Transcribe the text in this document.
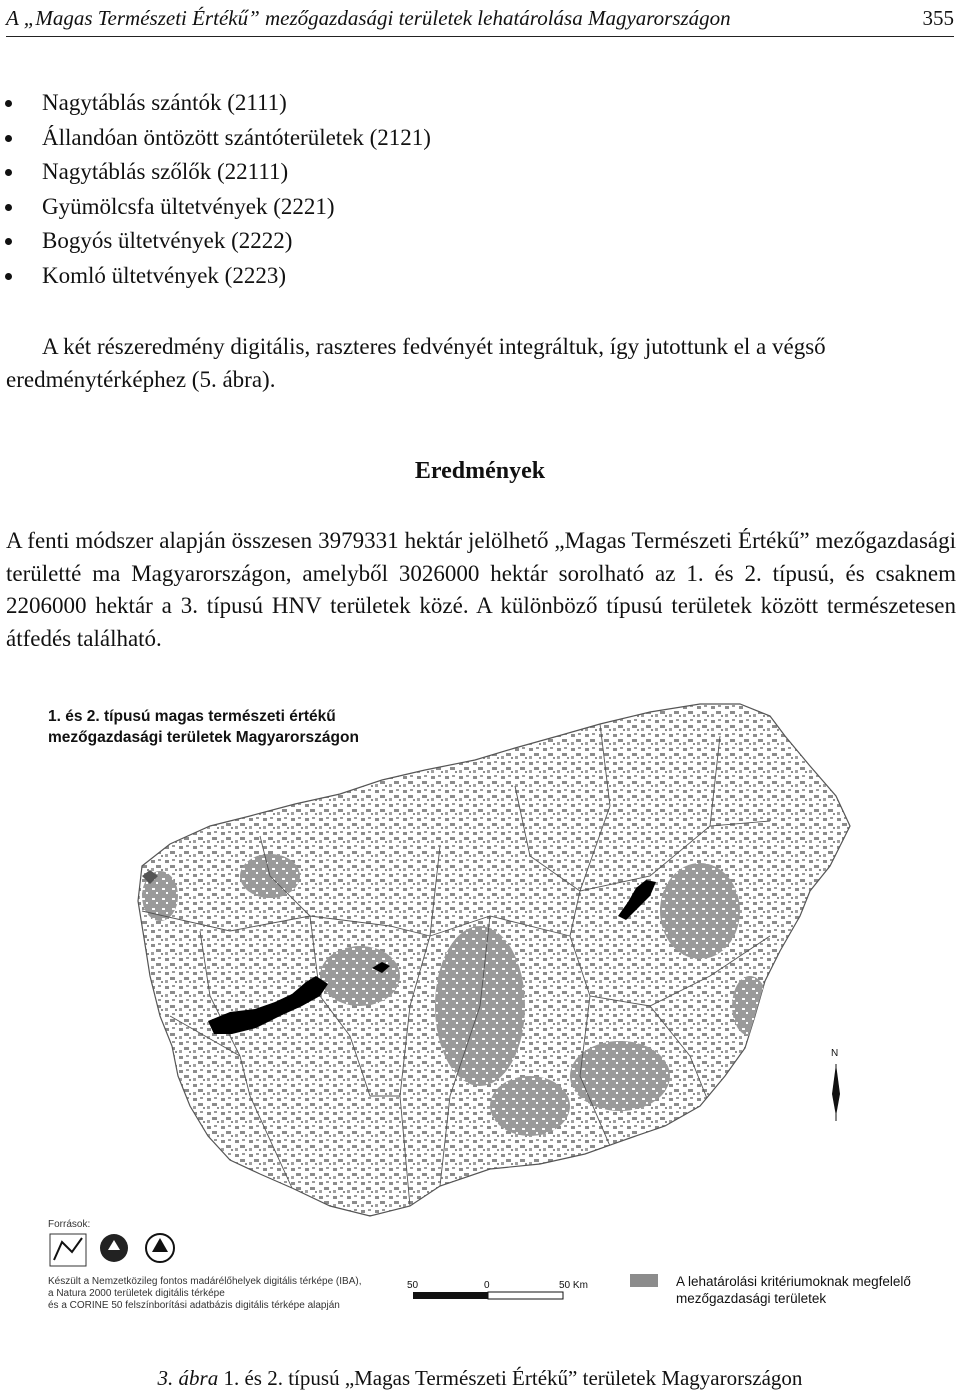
A „Magas Természeti Értékű” mezőgazdasági területek lehatárolása Magyarországon	355
Nagytáblás szántók (2111)
Állandóan öntözött szántóterületek (2121)
Nagytáblás szőlők (22111)
Gyümölcsfa ültetvények (2221)
Bogyós ültetvények (2222)
Komló ültetvények (2223)

A két részeredmény digitális, raszteres fedvényét integráltuk, így jutottunk el a végső eredménytérképhez (5. ábra).

Eredmények

A fenti módszer alapján összesen 3979331 hektár jelölhető „Magas Természeti Értékű” mezőgazdasági területté ma Magyarországon, amelyből 3026000 hektár sorolható az 1. és 2. típusú, és csaknem 2206000 hektár a 3. típusú HNV területek közé. A különböző típusú területek között természetesen átfedés található.

1. és 2. típusú magas természeti értékű
mezőgazdasági területek Magyarországon
N
Források:
Készült a Nemzetközileg fontos madárélőhelyek digitális térképe (IBA),
a Natura 2000 területek digitális térképe
és a CORINE 50 felszínborítási adatbázis digitális térképe alapján
50	0	50 Km	A lehatárolási kritériumoknak megfelelő
mezőgazdasági területek
3. ábra 1. és 2. típusú „Magas Természeti Értékű” területek Magyarországon
